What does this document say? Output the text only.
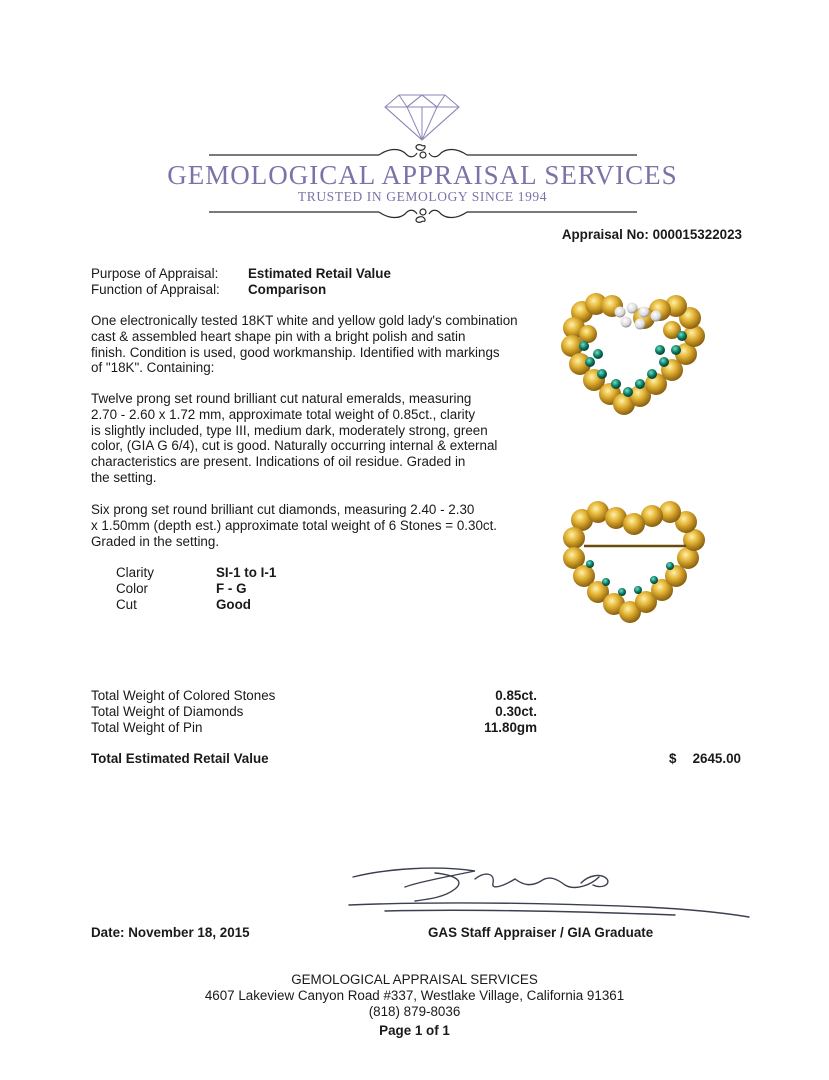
GEMOLOGICAL APPRAISAL SERVICES
TRUSTED IN GEMOLOGY SINCE 1994
Appraisal No: 000015322023
Purpose of Appraisal: Estimated Retail Value
Function of Appraisal: Comparison
One electronically tested 18KT white and yellow gold lady's combination
cast & assembled heart shape pin with a bright polish and satin
finish. Condition is used, good workmanship. Identified with markings
of "18K". Containing:
Twelve prong set round brilliant cut natural emeralds, measuring
2.70 - 2.60 x 1.72 mm, approximate total weight of 0.85ct., clarity
is slightly included, type III, medium dark, moderately strong, green
color, (GIA G 6/4), cut is good. Naturally occurring internal & external
characteristics are present. Indications of oil residue. Graded in
the setting.
Six prong set round brilliant cut diamonds, measuring 2.40 - 2.30
x 1.50mm (depth est.) approximate total weight of 6 Stones = 0.30ct.
Graded in the setting.
Clarity	SI-1 to I-1
Color	F - G
Cut	Good
Total Weight of Colored Stones	0.85ct.
Total Weight of Diamonds	0.30ct.
Total Weight of Pin	11.80gm
Total Estimated Retail Value	$ 2645.00
Date: November 18, 2015	GAS Staff Appraiser / GIA Graduate
GEMOLOGICAL APPRAISAL SERVICES
4607 Lakeview Canyon Road #337, Westlake Village, California 91361
(818) 879-8036
Page 1 of 1
